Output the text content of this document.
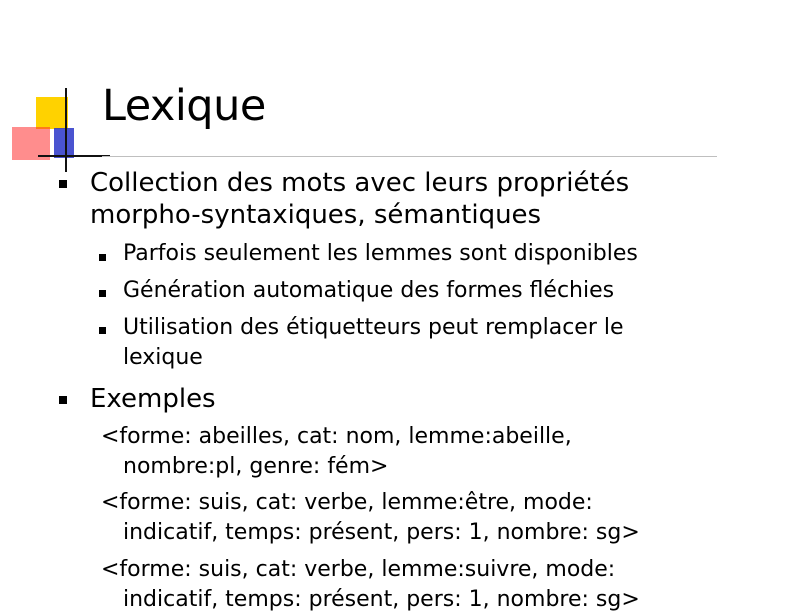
Lexique
Collection des mots avec leurs propriétés
morpho-syntaxiques, sémantiques
Parfois seulement les lemmes sont disponibles
Génération automatique des formes fléchies
Utilisation des étiquetteurs peut remplacer le
lexique
Exemples
<forme: abeilles, cat: nom, lemme:abeille,
nombre:pl, genre: fém>
<forme: suis, cat: verbe, lemme:être, mode:
indicatif, temps: présent, pers: 1, nombre: sg>
<forme: suis, cat: verbe, lemme:suivre, mode:
indicatif, temps: présent, pers: 1, nombre: sg>
